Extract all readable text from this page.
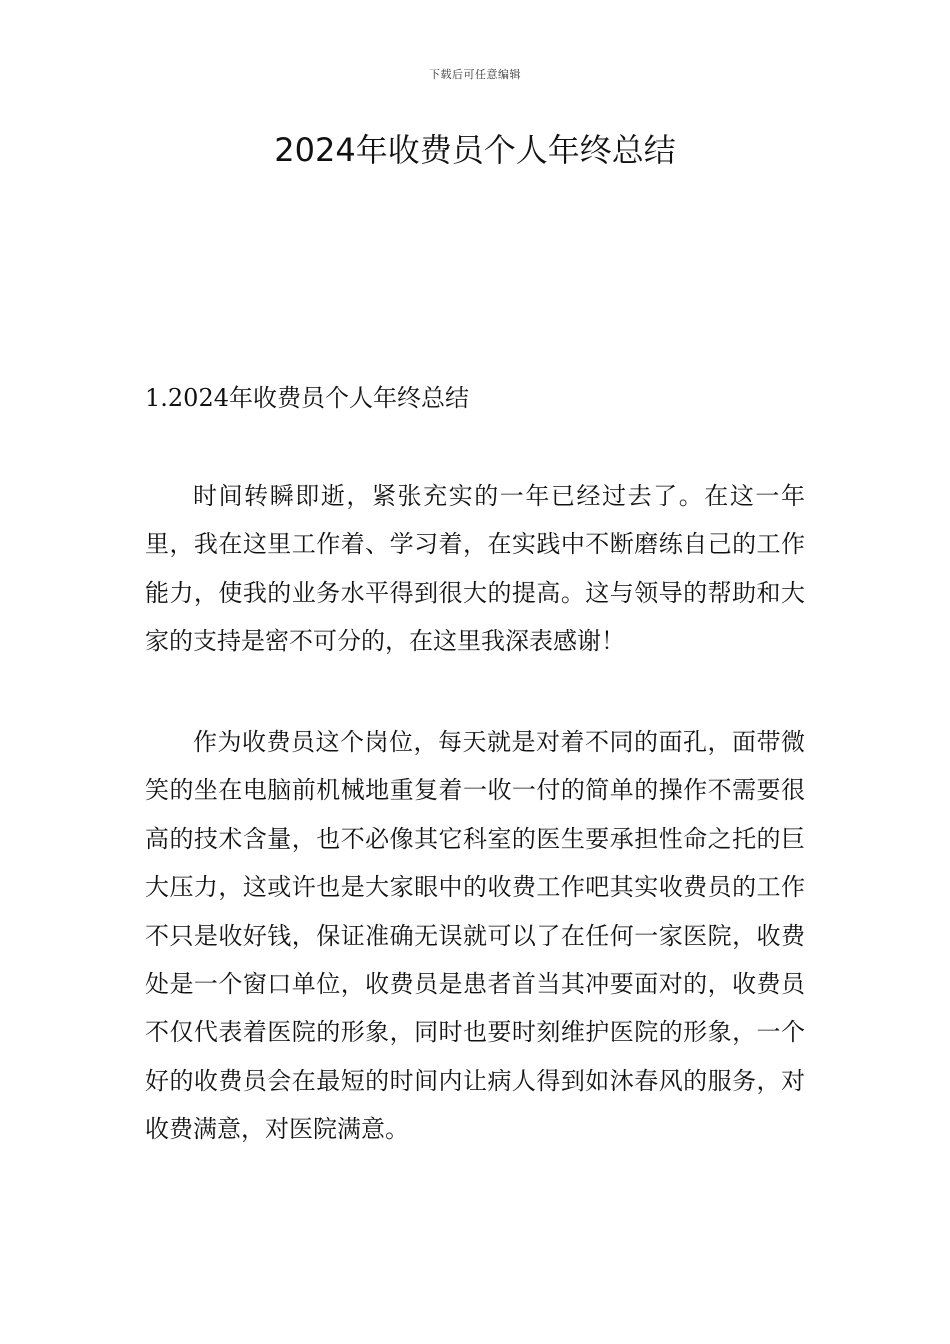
下载后可任意编辑
2024年收费员个人年终总结
1.2024年收费员个人年终总结

时间转瞬即逝，紧张充实的一年已经过去了。在这一年里，我在这里工作着、学习着，在实践中不断磨练自己的工作能力，使我的业务水平得到很大的提高。这与领导的帮助和大家的支持是密不可分的，在这里我深表感谢！

作为收费员这个岗位，每天就是对着不同的面孔，面带微笑的坐在电脑前机械地重复着一收一付的简单的操作不需要很高的技术含量，也不必像其它科室的医生要承担性命之托的巨大压力，这或许也是大家眼中的收费工作吧其实收费员的工作不只是收好钱，保证准确无误就可以了在任何一家医院，收费处是一个窗口单位，收费员是患者首当其冲要面对的，收费员不仅代表着医院的形象，同时也要时刻维护医院的形象，一个好的收费员会在最短的时间内让病人得到如沐春风的服务，对收费满意，对医院满意。
